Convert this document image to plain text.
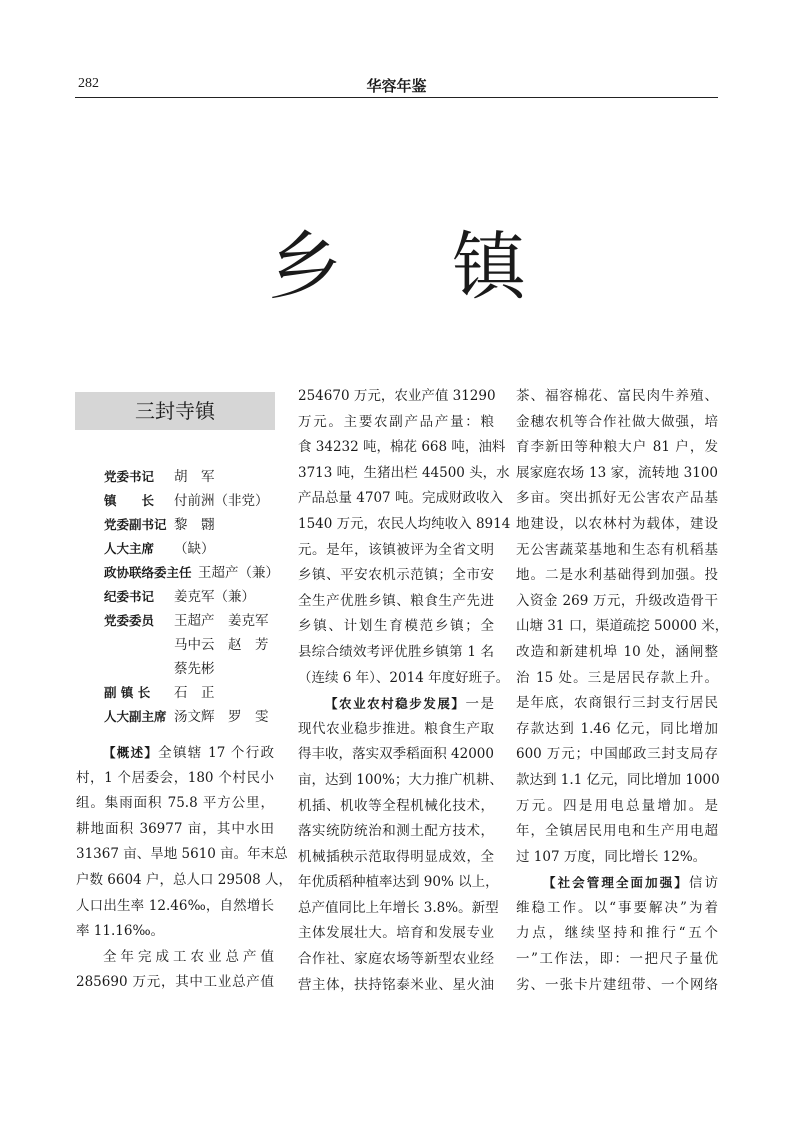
282	华容年鉴
乡 镇
三封寺镇
党委书记 胡　军
镇　　长 付前洲（非党）
党委副书记 黎　翾
人大主席 （缺）
政协联络委主任 王超产（兼）
纪委书记 姜克军（兼）
党委委员 王超产　姜克军
马中云　赵　芳
蔡先彬
副 镇 长 石　正
人大副主席 汤文辉　罗　雯
【概述】全镇辖 17 个行政
村，1 个居委会，180 个村民小
组。集雨面积 75.8 平方公里，
耕地面积 36977 亩，其中水田
31367 亩、旱地 5610 亩。年末总
户数 6604 户，总人口 29508 人，
人口出生率 12.46‰，自然增长
率 11.16‰。
全年完成工农业总产值
285690 万元，其中工业总产值
254670 万元，农业产值 31290
万元。主要农副产品产量：粮
食 34232 吨，棉花 668 吨，油料
3713 吨，生猪出栏 44500 头，水
产品总量 4707 吨。完成财政收入
1540 万元，农民人均纯收入 8914
元。是年，该镇被评为全省文明
乡镇、平安农机示范镇；全市安
全生产优胜乡镇、粮食生产先进
乡镇、计划生育模范乡镇；全
县综合绩效考评优胜乡镇第 1 名
（连续 6 年）、2014 年度好班子。
【农业农村稳步发展】一是
现代农业稳步推进。粮食生产取
得丰收，落实双季稻面积 42000
亩，达到 100%；大力推广机耕、
机插、机收等全程机械化技术，
落实统防统治和测土配方技术，
机械插秧示范取得明显成效，全
年优质稻种植率达到 90% 以上，
总产值同比上年增长 3.8%。新型
主体发展壮大。培育和发展专业
合作社、家庭农场等新型农业经
营主体，扶持铭泰米业、星火油
茶、福容棉花、富民肉牛养殖、
金穗农机等合作社做大做强，培
育李新田等种粮大户 81 户，发
展家庭农场 13 家，流转地 3100
多亩。突出抓好无公害农产品基
地建设，以农林村为载体，建设
无公害蔬菜基地和生态有机稻基
地。二是水利基础得到加强。投
入资金 269 万元，升级改造骨干
山塘 31 口，渠道疏挖 50000 米，
改造和新建机埠 10 处，涵闸整
治 15 处。三是居民存款上升。
是年底，农商银行三封支行居民
存款达到 1.46 亿元，同比增加
600 万元；中国邮政三封支局存
款达到 1.1 亿元，同比增加 1000
万元。四是用电总量增加。是
年，全镇居民用电和生产用电超
过 107 万度，同比增长 12%。
【社会管理全面加强】信访
维稳工作。以“事要解决”为着
力点，继续坚持和推行“五个
一”工作法，即：一把尺子量优
劣、一张卡片建纽带、一个网络
